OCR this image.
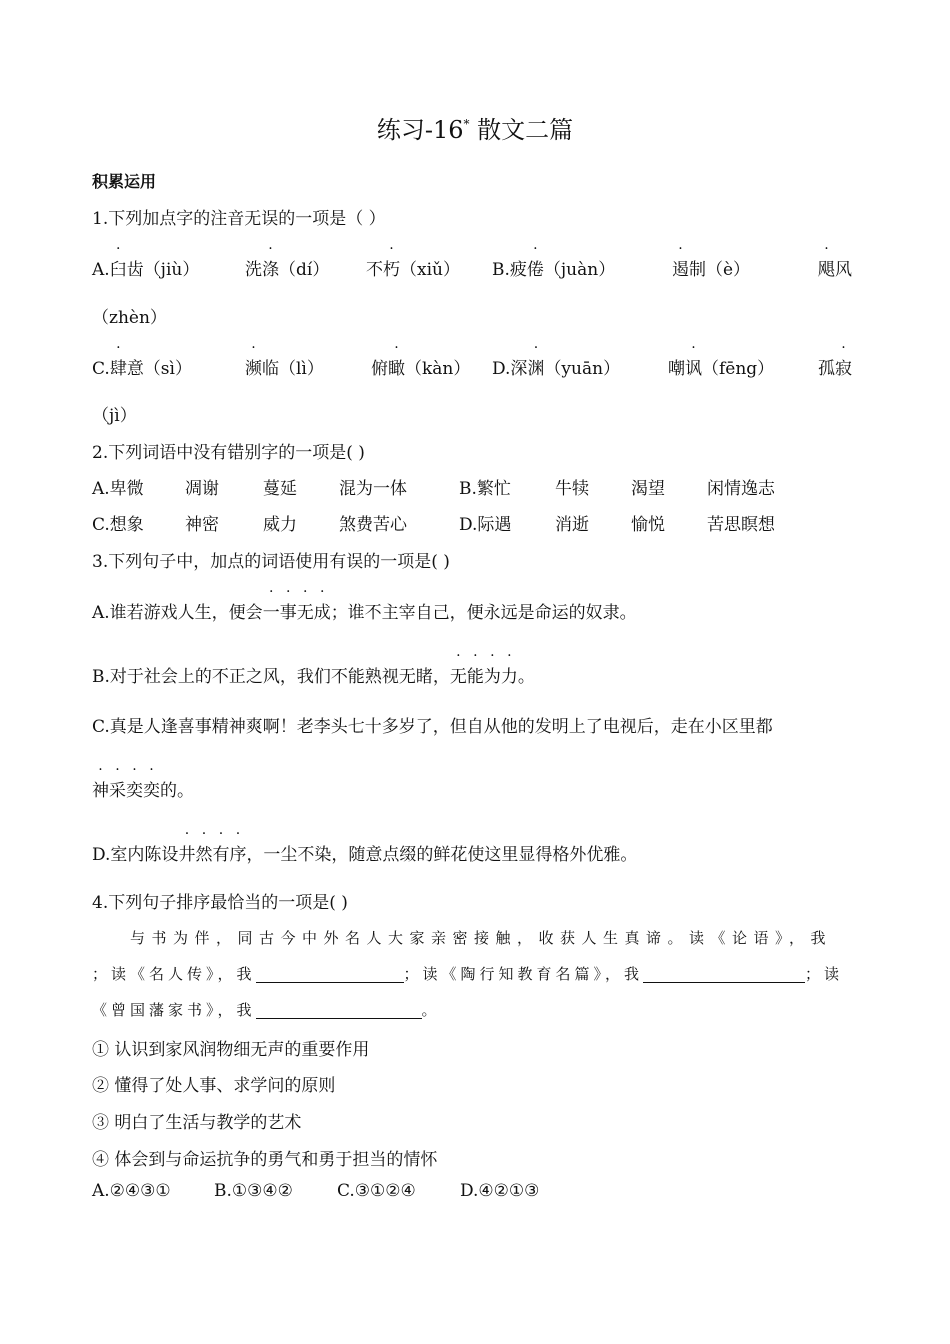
练习-16* 散文二篇
积累运用
1.下列加点字的注音无误的一项是（ ）
A.臼齿（jiù）	洗涤（dí） 不朽（xiǔ） B.疲倦（juàn）	遏制（è）	飓风
（zhèn）
C.肆意（sì）	濒临（lì）	俯瞰（kàn） D.深渊（yuān）	嘲讽（fēng）	孤寂
（jì）
2.下列词语中没有错别字的一项是( )
A.卑微 凋谢	蔓延 混为一体	B.繁忙	牛犊 渴望 闲情逸志
C.想象 神密	威力 煞费苦心	D.际遇	消逝 愉悦 苦思瞑想
3.下列句子中，加点的词语使用有误的一项是( )
A.谁若游戏人生，便会一事无成；谁不主宰自己，便永远是命运的奴隶。
B.对于社会上的不正之风，我们不能熟视无睹，无能为力。
C.真是人逢喜事精神爽啊！老李头七十多岁了，但自从他的发明上了电视后，走在小区里都
神采奕奕的。
D.室内陈设井然有序，一尘不染，随意点缀的鲜花使这里显得格外优雅。
4.下列句子排序最恰当的一项是( )
与书为伴，同古今中外名人大家亲密接触，收获人生真谛。读《论语》，我
；读《名人传》，我	；读《陶行知教育名篇》，我	；读
《曾国藩家书》，我	。
① 认识到家风润物细无声的重要作用
② 懂得了处人事、求学问的原则
③ 明白了生活与教学的艺术
④ 体会到与命运抗争的勇气和勇于担当的情怀
A.②④③①	B.①③④②	C.③①②④	D.④②①③
